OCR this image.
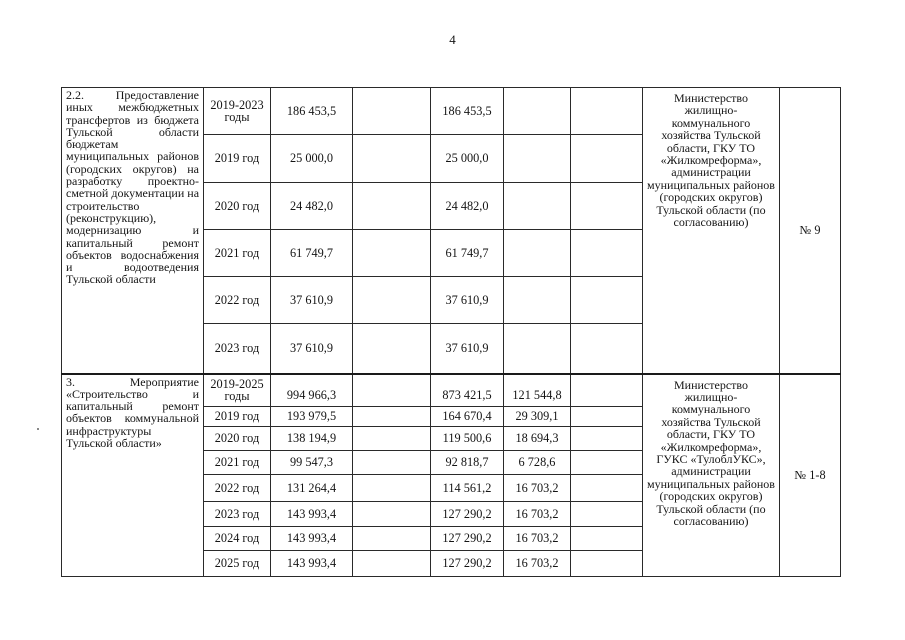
4
2.2. Предоставление иных межбюджетных трансфертов из бюджета Тульской области бюджетам муниципальных районов (городских округов) на разработку проектно-сметной документации на строительство (реконструкцию), модернизацию и капитальный ремонт объектов водоснабжения и водоотведения Тульской области	2019-2023 годы	186 453,5		186 453,5			Министерство жилищно-коммунального хозяйства Тульской области, ГКУ ТО «Жилкомреформа», администрации муниципальных районов (городских округов) Тульской области (по согласованию)	№ 9
	2019 год	25 000,0		25 000,0				
	2020 год	24 482,0		24 482,0				
	2021 год	61 749,7		61 749,7				
	2022 год	37 610,9		37 610,9				
	2023 год	37 610,9		37 610,9				
3. Мероприятие «Строительство и капитальный ремонт объектов коммунальной инфраструктуры Тульской области»	2019-2025 годы	994 966,3		873 421,5	121 544,8		Министерство жилищно-коммунального хозяйства Тульской области, ГКУ ТО «Жилкомреформа», ГУКС «ТулоблУКС», администрации муниципальных районов (городских округов) Тульской области (по согласованию)	№ 1-8
	2019 год	193 979,5		164 670,4	29 309,1			
	2020 год	138 194,9		119 500,6	18 694,3			
	2021 год	99 547,3		92 818,7	6 728,6			
	2022 год	131 264,4		114 561,2	16 703,2			
	2023 год	143 993,4		127 290,2	16 703,2			
	2024 год	143 993,4		127 290,2	16 703,2			
	2025 год	143 993,4		127 290,2	16 703,2			
